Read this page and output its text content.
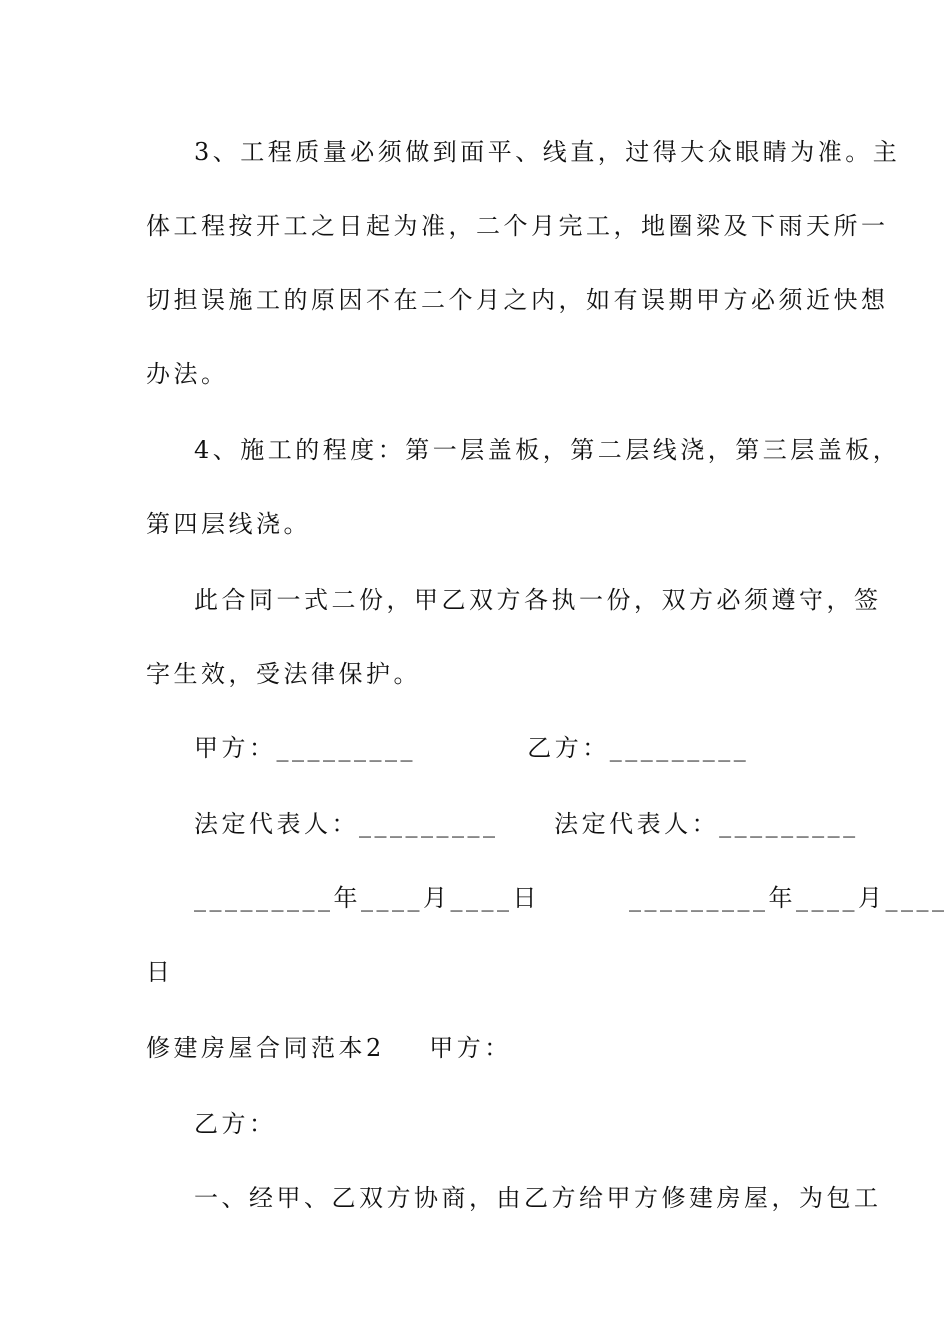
3、工程质量必须做到面平、线直，过得大众眼睛为准。主
体工程按开工之日起为准，二个月完工，地圈梁及下雨天所一
切担误施工的原因不在二个月之内，如有误期甲方必须近快想
办法。
4、施工的程度：第一层盖板，第二层线浇，第三层盖板，
第四层线浇。
此合同一式二份，甲乙双方各执一份，双方必须遵守，签
字生效，受法律保护。
甲方：_________          乙方：_________
法定代表人：_________     法定代表人：_________
_________年____月____日        _________年____月____
日
修建房屋合同范本2    甲方：
乙方：
一、经甲、乙双方协商，由乙方给甲方修建房屋，为包工
